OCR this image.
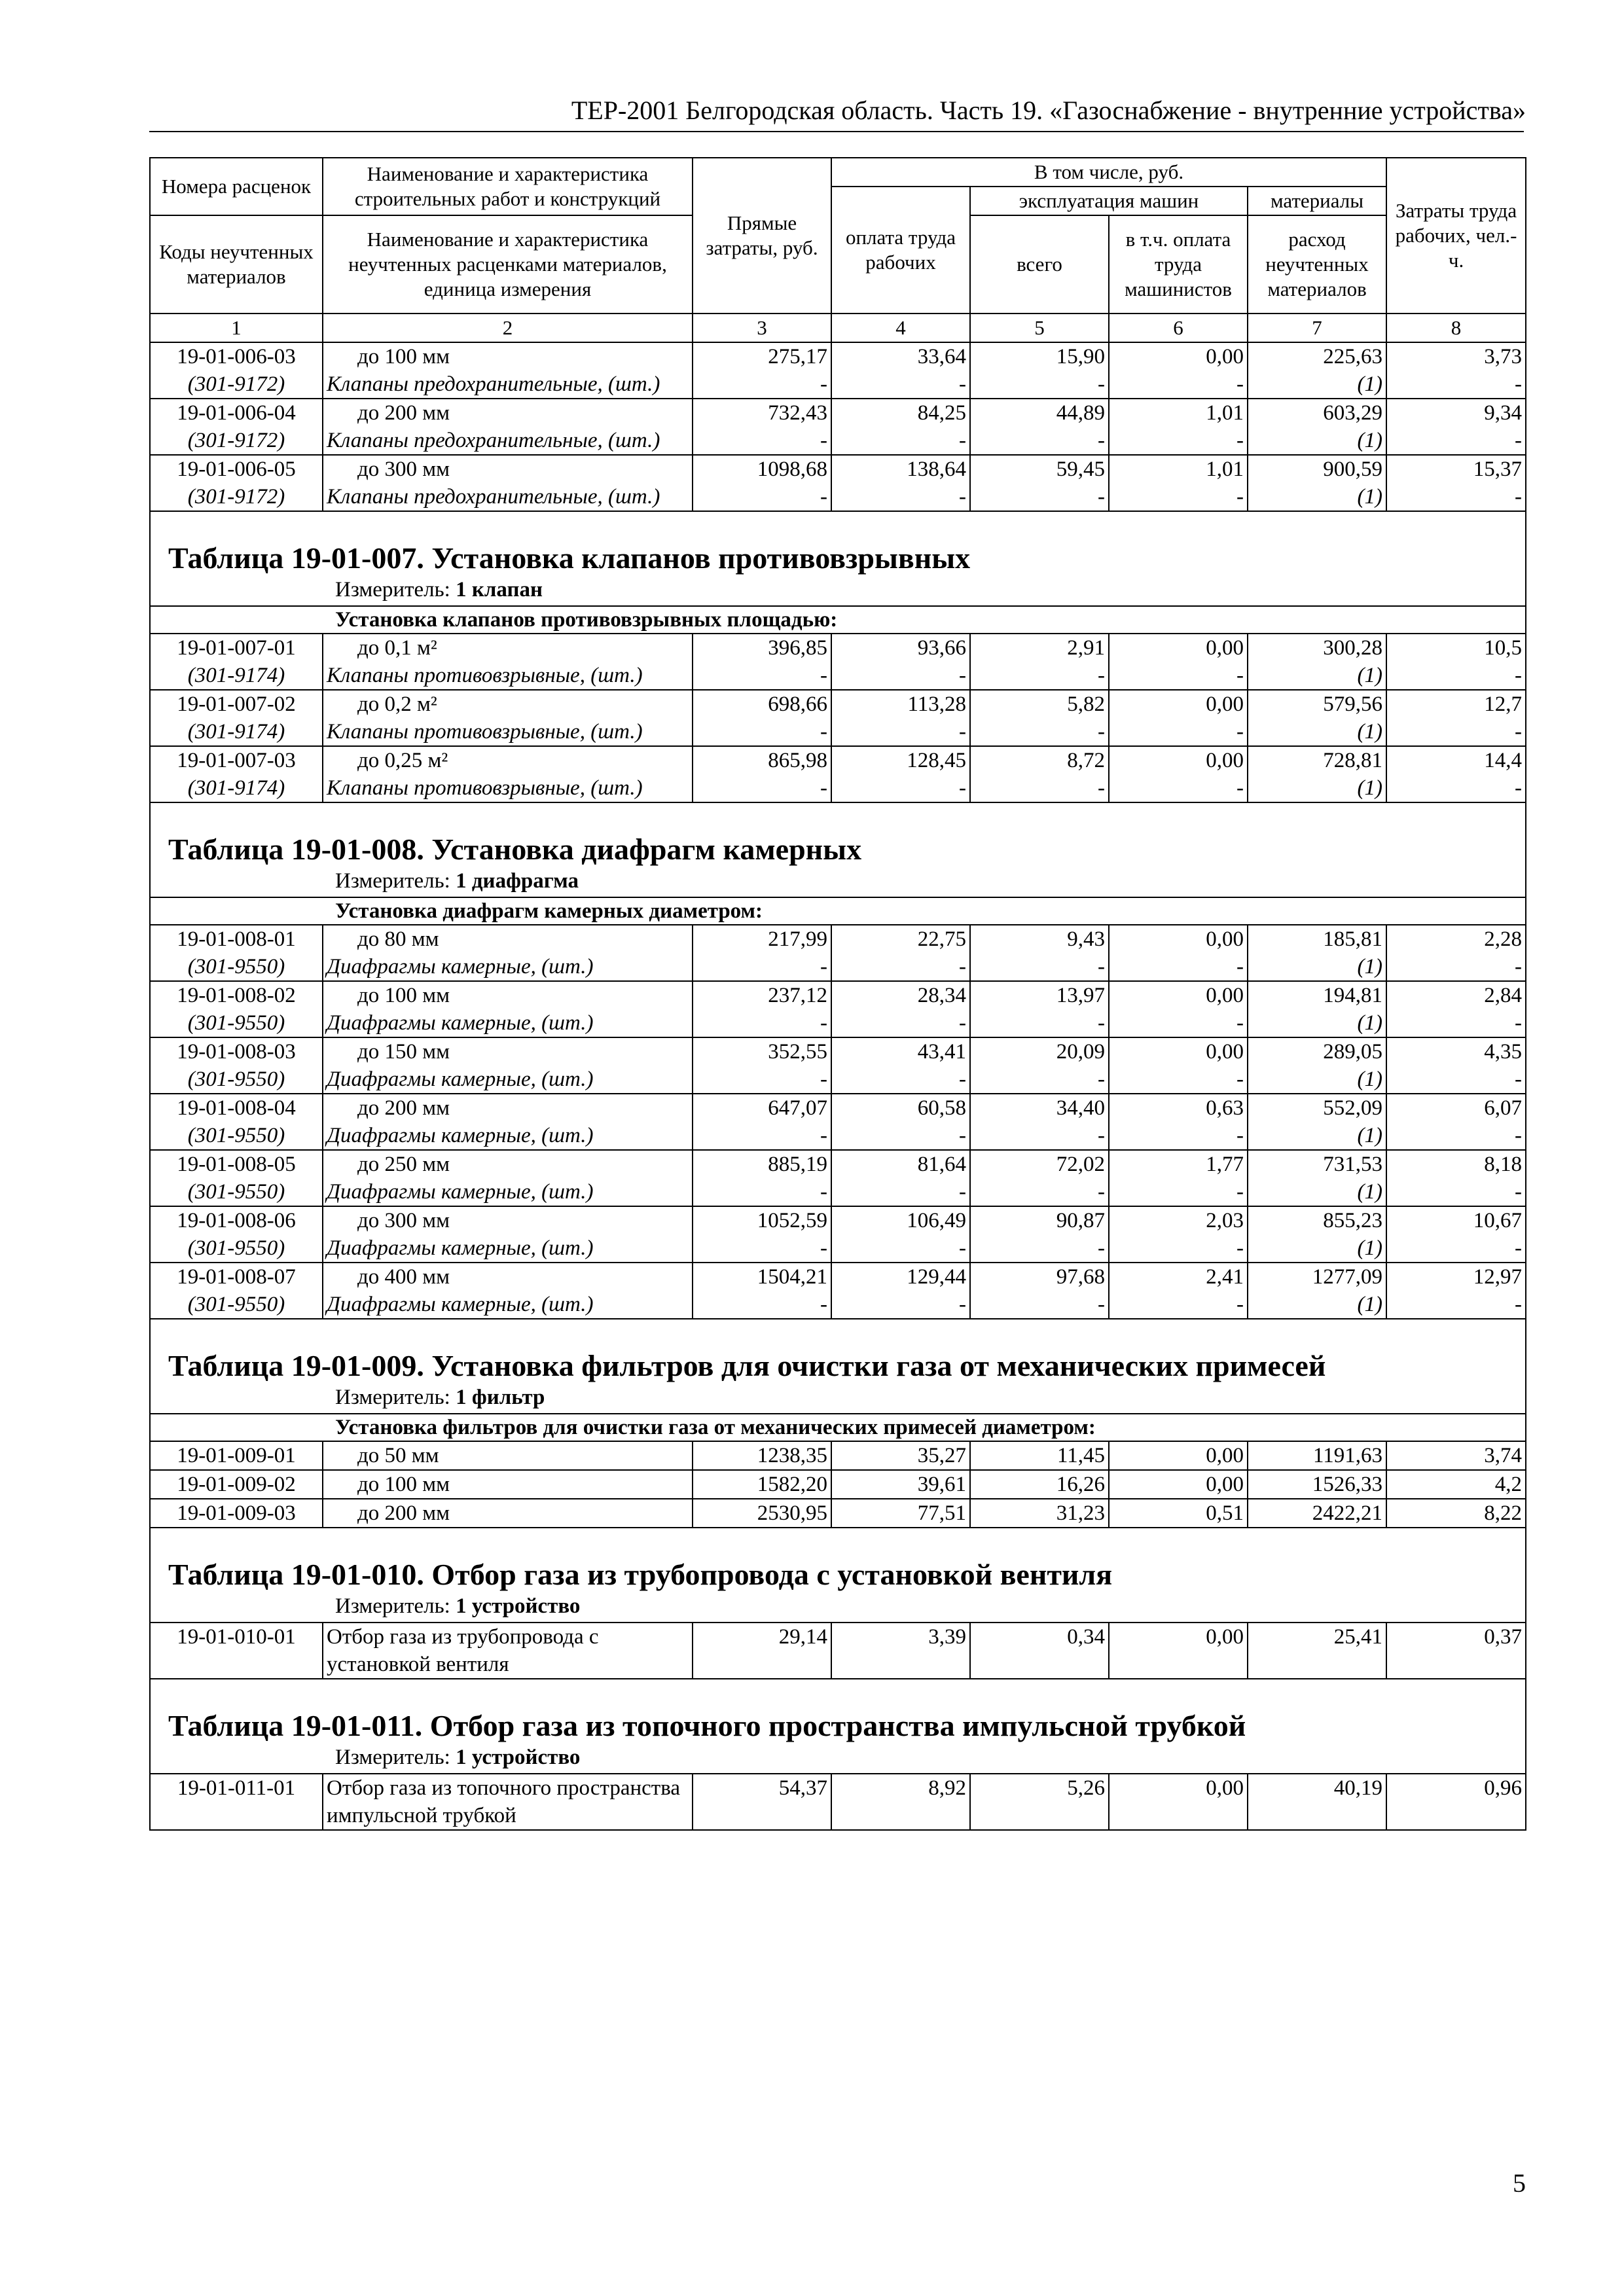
ТЕР-2001 Белгородская область. Часть 19. «Газоснабжение - внутренние устройства»
Номера расценок	Наименование и характеристика строительных работ и конструкций	Прямые затраты, руб.	В том числе, руб.				Затраты труда рабочих, чел.-ч.
			оплата труда рабочих	эксплуатация машин		материалы	
Коды неучтенных материалов	Наименование и характеристика неучтенных расценками материалов, единица измерения			всего	в т.ч. оплата труда машинистов	расход неучтенных материалов	

1	2	3	4	5	6	7	8
19-01-006-03	до 100 мм	275,17	33,64	15,90	0,00	225,63	3,73
(301-9172)	Клапаны предохранительные, (шт.)	-	-	-	-	(1)	-
19-01-006-04	до 200 мм	732,43	84,25	44,89	1,01	603,29	9,34
(301-9172)	Клапаны предохранительные, (шт.)	-	-	-	-	(1)	-
19-01-006-05	до 300 мм	1098,68	138,64	59,45	1,01	900,59	15,37
(301-9172)	Клапаны предохранительные, (шт.)	-	-	-	-	(1)	-

Таблица 19-01-007. Установка клапанов противовзрывных							
Измеритель: 1 клапан							
Установка клапанов противовзрывных площадью:							
19-01-007-01	до 0,1 м²	396,85	93,66	2,91	0,00	300,28	10,5
(301-9174)	Клапаны противовзрывные, (шт.)	-	-	-	-	(1)	-
19-01-007-02	до 0,2 м²	698,66	113,28	5,82	0,00	579,56	12,7
(301-9174)	Клапаны противовзрывные, (шт.)	-	-	-	-	(1)	-
19-01-007-03	до 0,25 м²	865,98	128,45	8,72	0,00	728,81	14,4
(301-9174)	Клапаны противовзрывные, (шт.)	-	-	-	-	(1)	-

Таблица 19-01-008. Установка диафрагм камерных							
Измеритель: 1 диафрагма							
Установка диафрагм камерных диаметром:							
19-01-008-01	до 80 мм	217,99	22,75	9,43	0,00	185,81	2,28
(301-9550)	Диафрагмы камерные, (шт.)	-	-	-	-	(1)	-
19-01-008-02	до 100 мм	237,12	28,34	13,97	0,00	194,81	2,84
(301-9550)	Диафрагмы камерные, (шт.)	-	-	-	-	(1)	-
19-01-008-03	до 150 мм	352,55	43,41	20,09	0,00	289,05	4,35
(301-9550)	Диафрагмы камерные, (шт.)	-	-	-	-	(1)	-
19-01-008-04	до 200 мм	647,07	60,58	34,40	0,63	552,09	6,07
(301-9550)	Диафрагмы камерные, (шт.)	-	-	-	-	(1)	-
19-01-008-05	до 250 мм	885,19	81,64	72,02	1,77	731,53	8,18
(301-9550)	Диафрагмы камерные, (шт.)	-	-	-	-	(1)	-
19-01-008-06	до 300 мм	1052,59	106,49	90,87	2,03	855,23	10,67
(301-9550)	Диафрагмы камерные, (шт.)	-	-	-	-	(1)	-
19-01-008-07	до 400 мм	1504,21	129,44	97,68	2,41	1277,09	12,97
(301-9550)	Диафрагмы камерные, (шт.)	-	-	-	-	(1)	-

Таблица 19-01-009. Установка фильтров для очистки газа от механических примесей							
Измеритель: 1 фильтр							
Установка фильтров для очистки газа от механических примесей диаметром:							
19-01-009-01	до 50 мм	1238,35	35,27	11,45	0,00	1191,63	3,74
19-01-009-02	до 100 мм	1582,20	39,61	16,26	0,00	1526,33	4,2
19-01-009-03	до 200 мм	2530,95	77,51	31,23	0,51	2422,21	8,22

Таблица 19-01-010. Отбор газа из трубопровода с установкой вентиля							
Измеритель: 1 устройство							
19-01-010-01	Отбор газа из трубопровода с установкой вентиля	29,14	3,39	0,34	0,00	25,41	0,37

Таблица 19-01-011. Отбор газа из топочного пространства импульсной трубкой							
Измеритель: 1 устройство							
19-01-011-01	Отбор газа из топочного пространства импульсной трубкой	54,37	8,92	5,26	0,00	40,19	0,96
5
